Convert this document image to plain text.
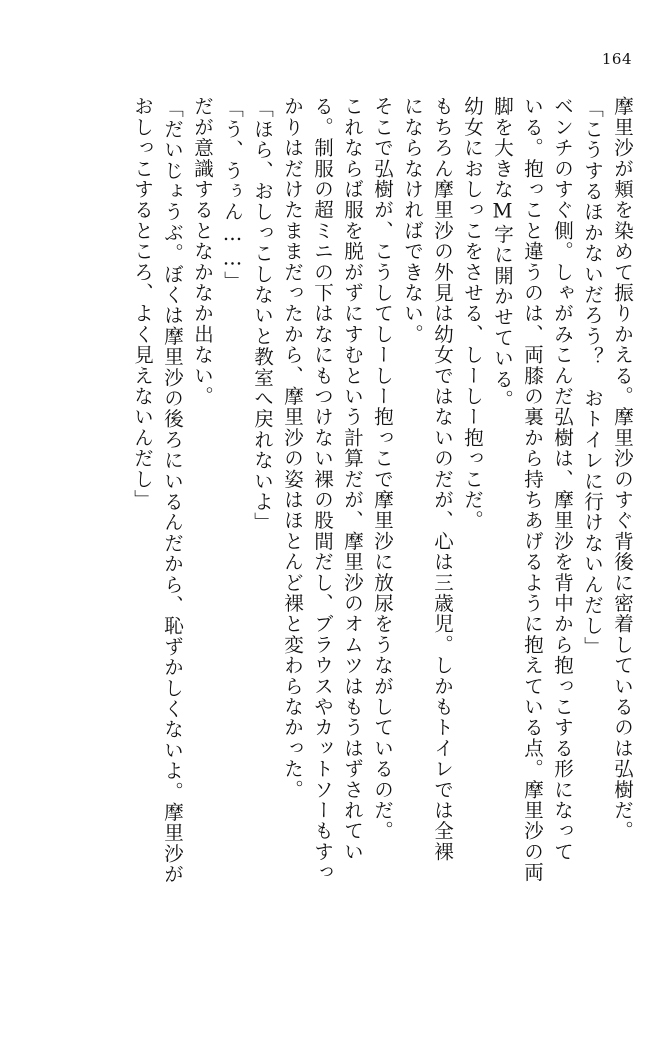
164
摩里沙が頬を染めて振りかえる。摩里沙のすぐ背後に密着しているのは弘樹だ。
「こうするほかないだろう？　おトイレに行けないんだし」
ベンチのすぐ側。しゃがみこんだ弘樹は、摩里沙を背中から抱っこする形になって
いる。抱っこと違うのは、両膝の裏から持ちあげるように抱えている点。摩里沙の両
脚を大きなM字に開かせている。
幼女におしっこをさせる、しーしー抱っこだ。
もちろん摩里沙の外見は幼女ではないのだが、心は三歳児。しかもトイレでは全裸
にならなければできない。
そこで弘樹が、こうしてしーしー抱っこで摩里沙に放尿をうながしているのだ。
これならば服を脱がずにすむという計算だが、摩里沙のオムツはもうはずされてい
る。制服の超ミニの下はなにもつけない裸の股間だし、ブラウスやカットソーもすっ
かりはだけたままだったから、摩里沙の姿はほとんど裸と変わらなかった。
「ほら、おしっこしないと教室へ戻れないよ」
「う、うぅん……」
だが意識するとなかなか出ない。
「だいじょうぶ。ぼくは摩里沙の後ろにいるんだから、恥ずかしくないよ。摩里沙が
おしっこするところ、よく見えないんだし」
